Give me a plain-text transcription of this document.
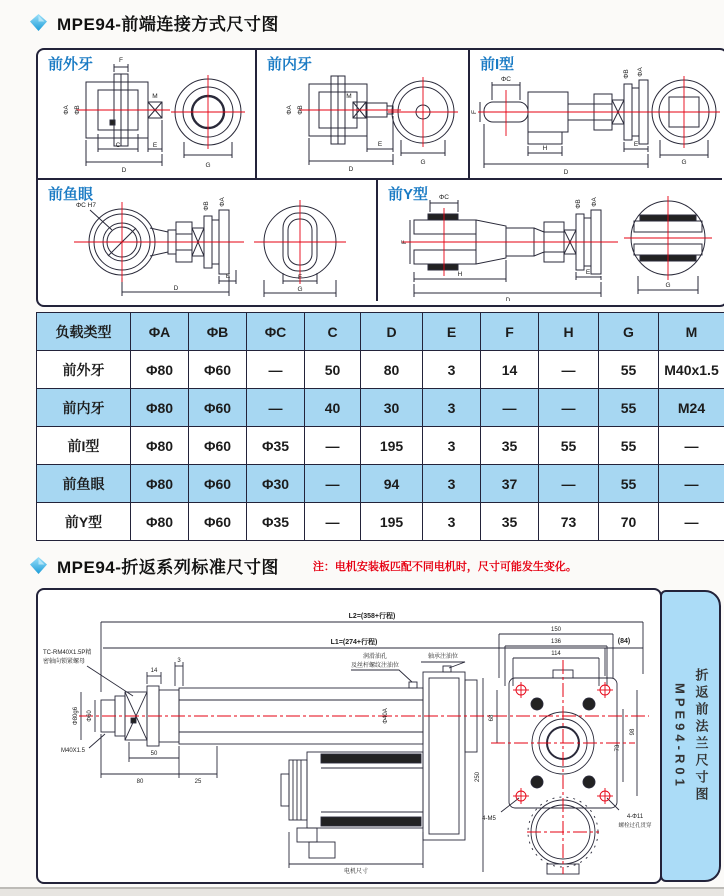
MPE94-前端连接方式尺寸图
前外牙
ΦA ΦB
F
C	E
D
M
G
前内牙
ΦA ΦB
M
E
D
G
前I型
ΦC
F
H
E
D
ΦB ΦA
G
前鱼眼
ΦC H7	ΦB ΦA
E
D
F
G
前Y型 ΦC
F
H	E
D
ΦB ΦA
G
负载类型	ΦA	ΦB	ΦC	C	D	E	F	H	G	M
前外牙	Φ80	Φ60	—	50	80	3	14	—	55	M40x1.5
前内牙	Φ80	Φ60	—	40	30	3	—	—	55	M24
前I型	Φ80	Φ60	Φ35	—	195	3	35	55	55	—
前鱼眼	Φ80	Φ60	Φ30	—	94	3	37	—	55	—
前Y型	Φ80	Φ60	Φ35	—	195	3	35	73	70	—
MPE94-折返系列标准尺寸图	注：电机安装板匹配不同电机时，尺寸可能发生变化。
L2=(358+行程)
L1=(274+行程)	(84)
TC-RM40X1.5P精
密轴向锁紧螺母
润滑油孔
及丝杆螺纹注油位
轴承注油位
电机尺寸
14
3
50
80	25
M40X1.5
Φ60
Φ80g6	Φ40A
150
136
114
68
250
73
98
4-M5	4-Φ11
螺栓过孔贯穿
折返前法兰尺寸图
MPE94-R01
